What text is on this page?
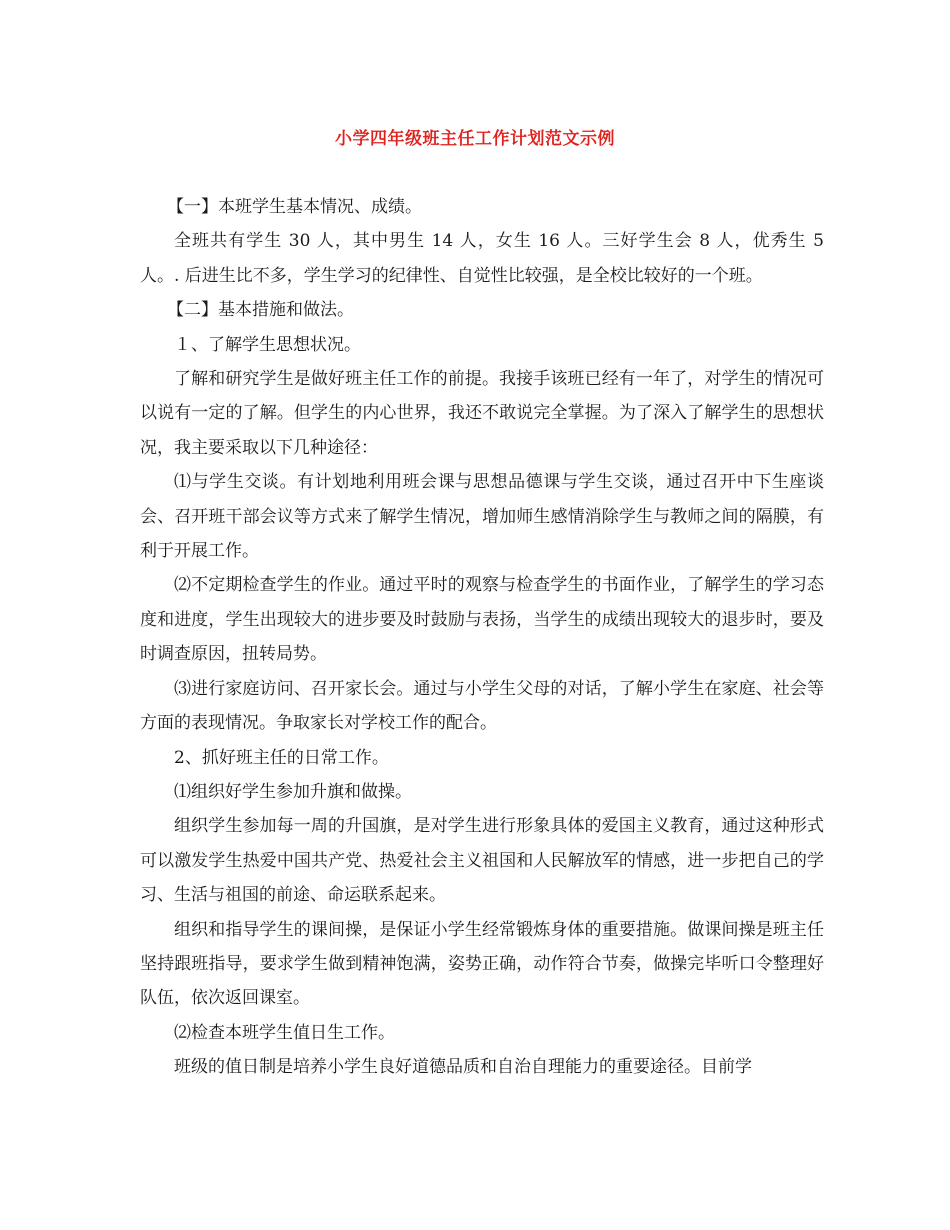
小学四年级班主任工作计划范文示例

【一】本班学生基本情况、成绩。

全班共有学生 30 人，其中男生 14 人，女生 16 人。三好学生会 8 人，优秀生 5 人。. 后进生比不多，学生学习的纪律性、自觉性比较强，是全校比较好的一个班。

【二】基本措施和做法。

１、了解学生思想状况。

了解和研究学生是做好班主任工作的前提。我接手该班已经有一年了，对学生的情况可以说有一定的了解。但学生的内心世界，我还不敢说完全掌握。为了深入了解学生的思想状况，我主要采取以下几种途径：

⑴与学生交谈。有计划地利用班会课与思想品德课与学生交谈，通过召开中下生座谈会、召开班干部会议等方式来了解学生情况，增加师生感情消除学生与教师之间的隔膜，有利于开展工作。

⑵不定期检查学生的作业。通过平时的观察与检查学生的书面作业，了解学生的学习态度和进度，学生出现较大的进步要及时鼓励与表扬，当学生的成绩出现较大的退步时，要及时调查原因，扭转局势。

⑶进行家庭访问、召开家长会。通过与小学生父母的对话，了解小学生在家庭、社会等方面的表现情况。争取家长对学校工作的配合。

2、抓好班主任的日常工作。

⑴组织好学生参加升旗和做操。

组织学生参加每一周的升国旗，是对学生进行形象具体的爱国主义教育，通过这种形式可以激发学生热爱中国共产党、热爱社会主义祖国和人民解放军的情感，进一步把自己的学习、生活与祖国的前途、命运联系起来。

组织和指导学生的课间操，是保证小学生经常锻炼身体的重要措施。做课间操是班主任坚持跟班指导，要求学生做到精神饱满，姿势正确，动作符合节奏，做操完毕听口令整理好队伍，依次返回课室。

⑵检查本班学生值日生工作。

班级的值日制是培养小学生良好道德品质和自治自理能力的重要途径。目前学
